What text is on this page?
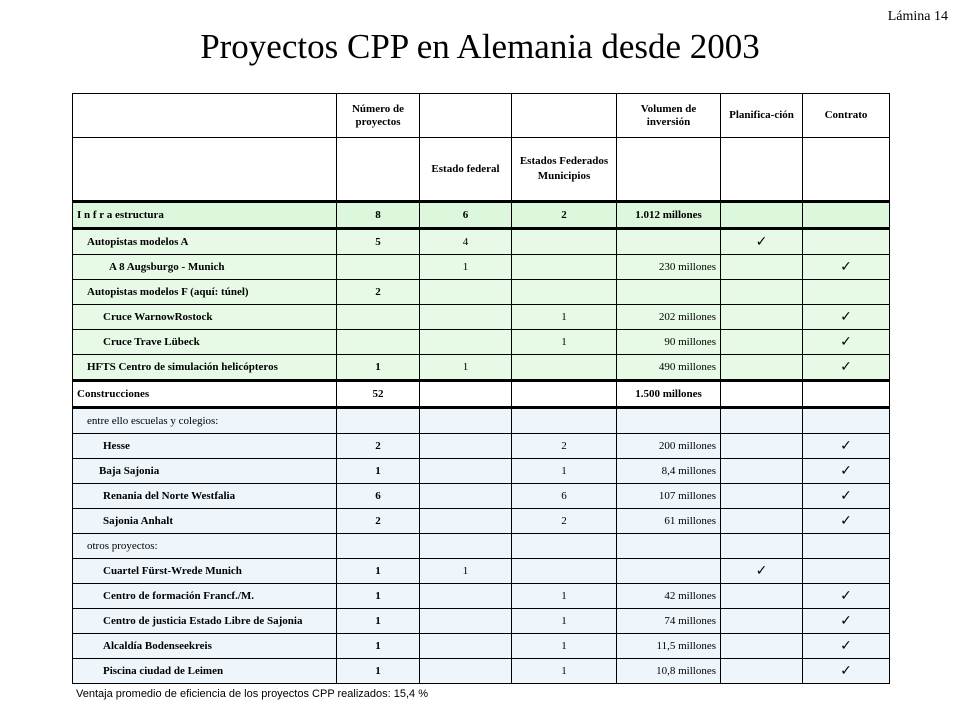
Lámina 14
Proyectos CPP en Alemania desde 2003
	Número de proyectos			Volumen de inversión	Planifica-ción	Contrato
		Estado federal	Estados Federados
Municipios			

I n f r a estructura	8	6	2	1.012 millones		
Autopistas modelos A	5	4			✓	
A 8 Augsburgo - Munich		1		230 millones		✓
Autopistas modelos F (aquí: túnel)	2					
Cruce WarnowRostock			1	202 millones		✓
Cruce Trave Lübeck			1	90 millones		✓
HFTS Centro de simulación helicópteros	1	1		490 millones		✓
Construcciones	52			1.500 millones		
entre ello escuelas y colegios:						
Hesse	2		2	200 millones		✓
Baja Sajonia	1		1	8,4 millones		✓
Renania del Norte Westfalia	6		6	107 millones		✓
Sajonia Anhalt	2		2	61 millones		✓
otros proyectos:						
Cuartel Fürst-Wrede Munich	1	1			✓	
Centro de formación Francf./M.	1		1	42 millones		✓
Centro de justicia Estado Libre de Sajonia	1		1	74 millones		✓
Alcaldía Bodenseekreis	1		1	11,5 millones		✓
Piscina ciudad de Leimen	1		1	10,8 millones		✓
Ventaja promedio de eficiencia de los proyectos CPP realizados: 15,4 %
